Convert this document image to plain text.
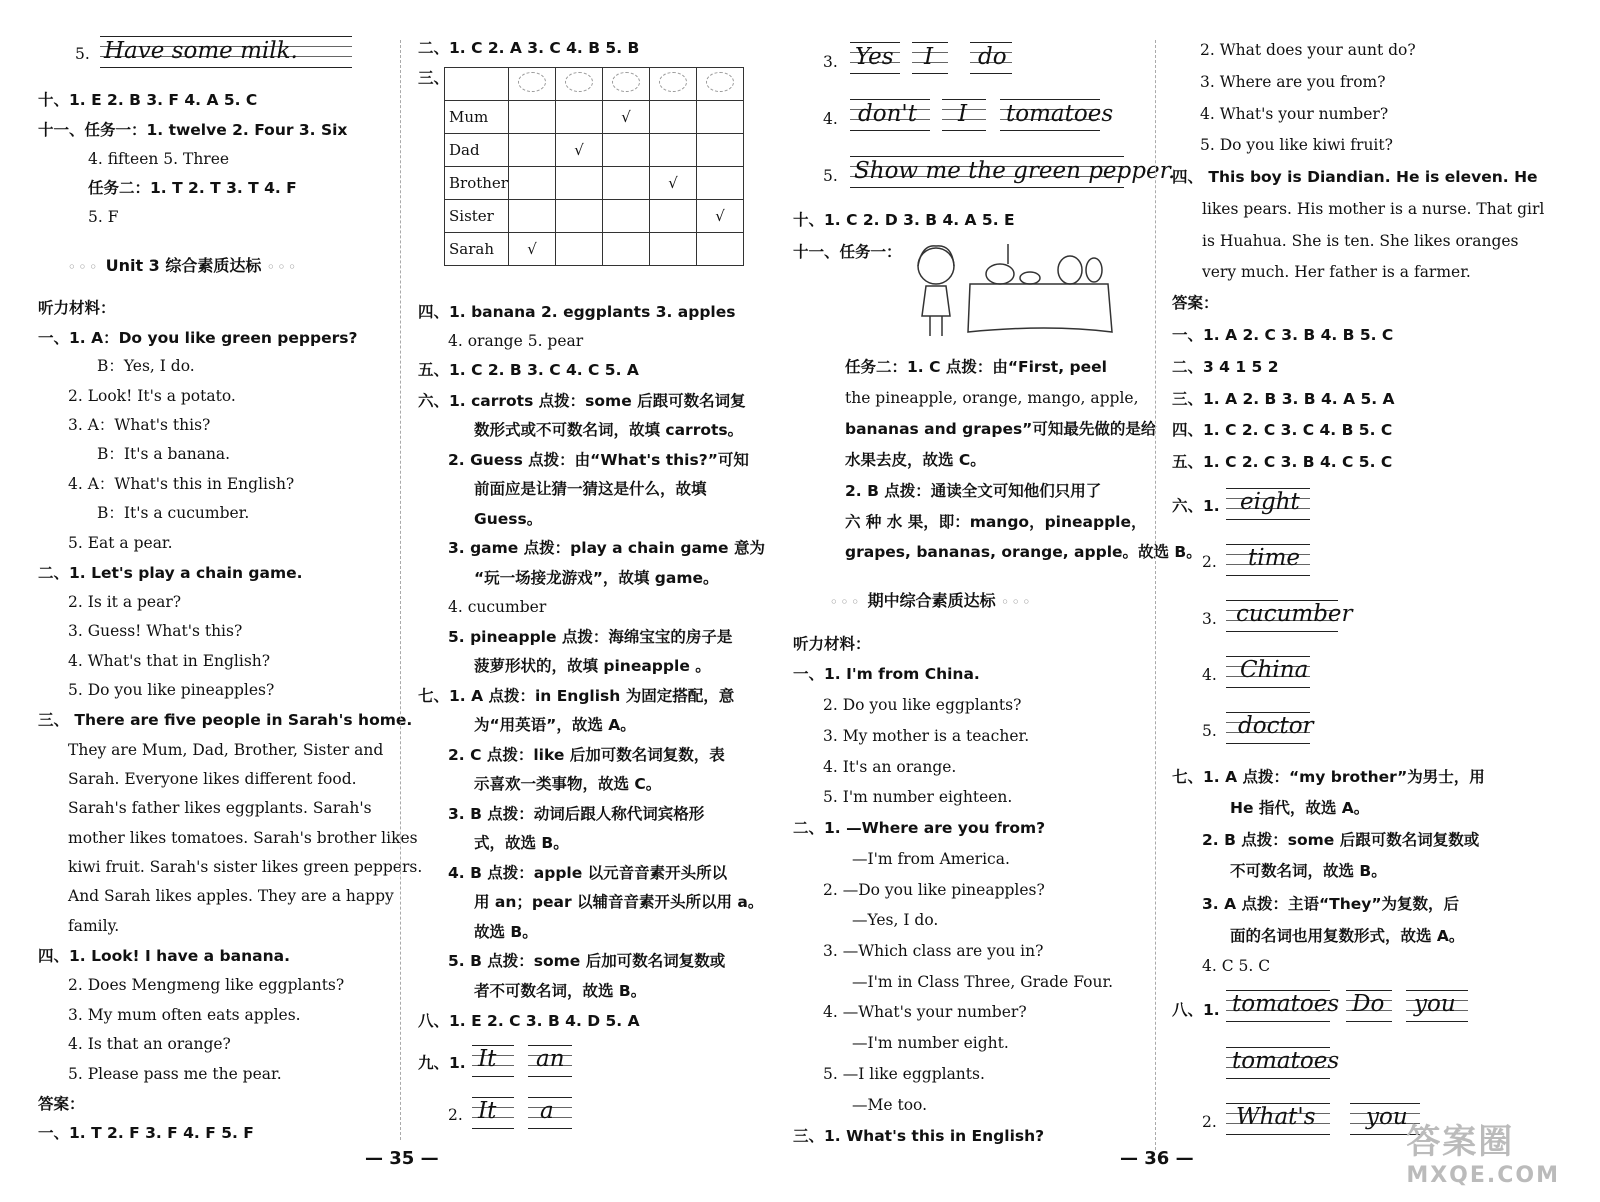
5. Have some milk.
十、1. E 2. B 3. F 4. A 5. C
十一、任务一：1. twelve 2. Four 3. Six
4. fifteen 5. Three
任务二：1. T 2. T 3. T 4. F
5. F
◦◦◦ Unit 3 综合素质达标 ◦◦◦
听力材料：
一、1. A：Do you like green peppers?
B：Yes, I do.
2. Look! It's a potato.
3. A：What's this?
B：It's a banana.
4. A：What's this in English?
B：It's a cucumber.
5. Eat a pear.
二、1. Let's play a chain game.
2. Is it a pear?
3. Guess! What's this?
4. What's that in English?
5. Do you like pineapples?
三、 There are five people in Sarah's home.
They are Mum, Dad, Brother, Sister and
Sarah. Everyone likes different food.
Sarah's father likes eggplants. Sarah's
mother likes tomatoes. Sarah's brother likes
kiwi fruit. Sarah's sister likes green peppers.
And Sarah likes apples. They are a happy
family.
四、1. Look! I have a banana.
2. Does Mengmeng like eggplants?
3. My mum often eats apples.
4. Is that an orange?
5. Please pass me the pear.
答案：
一、1. T 2. F 3. F 4. F 5. F
— 35 —
二、1. C 2. A 3. C 4. B 5. B
三、

Mum			√		
Dad		√			
Brother				√	
Sister					√
Sarah	√				
四、1. banana 2. eggplants 3. apples
4. orange 5. pear
五、1. C 2. B 3. C 4. C 5. A
六、1. carrots 点拨：some 后跟可数名词复
数形式或不可数名词，故填 carrots。
2. Guess 点拨：由“What's this?”可知
前面应是让猜一猜这是什么，故填
Guess。
3. game 点拨：play a chain game 意为
“玩一场接龙游戏”，故填 game。
4. cucumber
5. pineapple 点拨：海绵宝宝的房子是
菠萝形状的，故填 pineapple 。
七、1. A 点拨：in English 为固定搭配，意
为“用英语”，故选 A。
2. C 点拨：like 后加可数名词复数，表
示喜欢一类事物，故选 C。
3. B 点拨：动词后跟人称代词宾格形
式，故选 B。
4. B 点拨：apple 以元音音素开头所以
用 an；pear 以辅音音素开头所以用 a。
故选 B。
5. B 点拨：some 后加可数名词复数或
者不可数名词，故选 B。
八、1. E 2. C 3. B 4. D 5. A
九、1. It an
2. It a
3. Yes I do
4. don't I tomatoes
5. Show me the green pepper.
十、1. C 2. D 3. B 4. A 5. E
十一、任务一：
任务二：1. C 点拨：由“First, peel
the pineapple, orange, mango, apple,
bananas and grapes”可知最先做的是给
水果去皮，故选 C。
2. B 点拨：通读全文可知他们只用了
六 种 水 果，即：mango，pineapple，
grapes, bananas, orange, apple。故选 B。
◦◦◦ 期中综合素质达标 ◦◦◦
听力材料：
一、1. I'm from China.
2. Do you like eggplants?
3. My mother is a teacher.
4. It's an orange.
5. I'm number eighteen.
二、1. —Where are you from?
—I'm from America.
2. —Do you like pineapples?
—Yes, I do.
3. —Which class are you in?
—I'm in Class Three, Grade Four.
4. —What's your number?
—I'm number eight.
5. —I like eggplants.
—Me too.
三、1. What's this in English?
2. What does your aunt do?
3. Where are you from?
4. What's your number?
5. Do you like kiwi fruit?
四、 This boy is Diandian. He is eleven. He
likes pears. His mother is a nurse. That girl
is Huahua. She is ten. She likes oranges
very much. Her father is a farmer.
答案：
一、1. A 2. C 3. B 4. B 5. C
二、3 4 1 5 2
三、1. A 2. B 3. B 4. A 5. A
四、1. C 2. C 3. C 4. B 5. C
五、1. C 2. C 3. B 4. C 5. C
六、1. eight
2. time
3. cucumber
4. China
5. doctor
七、1. A 点拨：“my brother”为男士，用
He 指代，故选 A。
2. B 点拨：some 后跟可数名词复数或
不可数名词，故选 B。
3. A 点拨：主语“They”为复数，后
面的名词也用复数形式，故选 A。
4. C 5. C
八、1. tomatoes Do you
tomatoes
2. What's you
— 36 —	答案圈
MXQE.COM
